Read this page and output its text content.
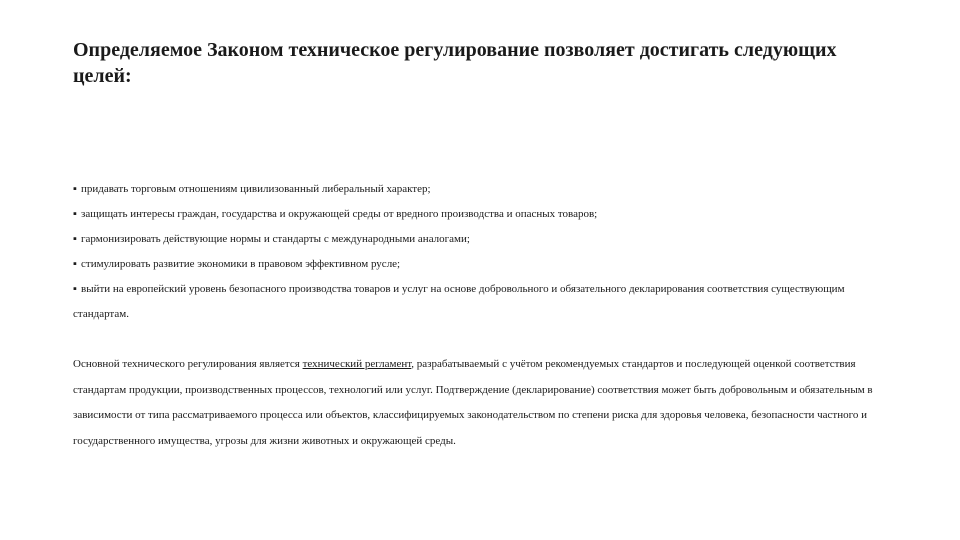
Определяемое Законом техническое регулирование позволяет достигать следующих целей:
▪ придавать торговым отношениям цивилизованный либеральный характер;
▪ защищать интересы граждан, государства и окружающей среды от вредного производства и опасных товаров;
▪ гармонизировать действующие нормы и стандарты с международными аналогами;
▪ стимулировать развитие экономики в правовом эффективном русле;
▪ выйти на европейский уровень безопасного производства товаров и услуг на основе добровольного и обязательного декларирования соответствия существующим стандартам.

Основной технического регулирования является технический регламент, разрабатываемый с учётом рекомендуемых стандартов и последующей оценкой соответствия стандартам продукции, производственных процессов, технологий или услуг. Подтверждение (декларирование) соответствия может быть добровольным и обязательным в зависимости от типа рассматриваемого процесса или объектов, классифицируемых законодательством по степени риска для здоровья человека, безопасности частного и государственного имущества, угрозы для жизни животных и окружающей среды.
